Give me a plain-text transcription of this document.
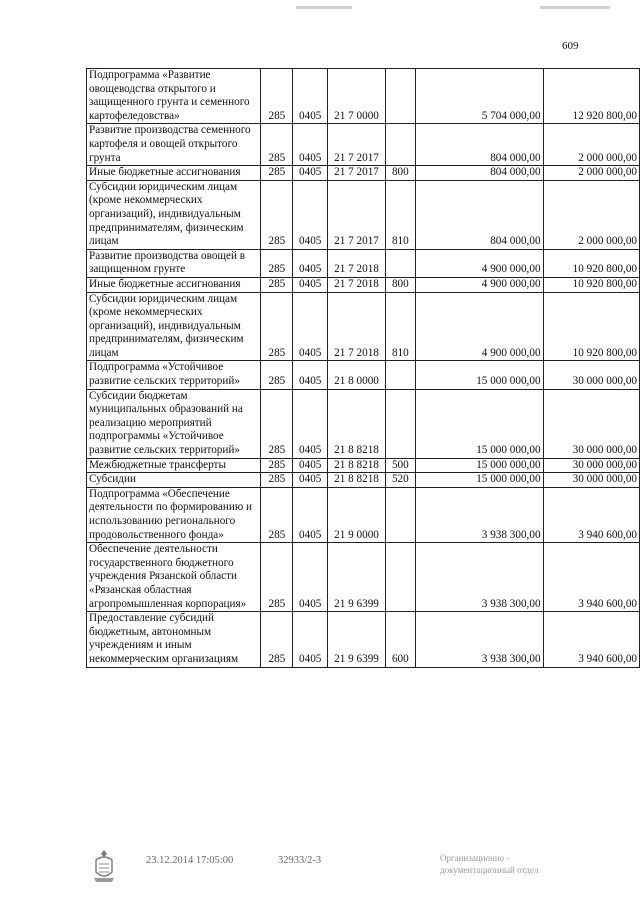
609
Подпрограмма «Развитие овощеводства открытого и защищенного грунта и семенного картофеледовства»	285	0405	21 7 0000		5 704 000,00	12 920 800,00
Развитие производства семенного картофеля и овощей открытого грунта	285	0405	21 7 2017		804 000,00	2 000 000,00
Иные бюджетные ассигнования	285	0405	21 7 2017	800	804 000,00	2 000 000,00
Субсидии юридическим лицам (кроме некоммерческих организаций), индивидуальным предпринимателям, физическим лицам	285	0405	21 7 2017	810	804 000,00	2 000 000,00
Развитие производства овощей в защищенном грунте	285	0405	21 7 2018		4 900 000,00	10 920 800,00
Иные бюджетные ассигнования	285	0405	21 7 2018	800	4 900 000,00	10 920 800,00
Субсидии юридическим лицам (кроме некоммерческих организаций), индивидуальным предпринимателям, физическим лицам	285	0405	21 7 2018	810	4 900 000,00	10 920 800,00
Подпрограмма «Устойчивое развитие сельских территорий»	285	0405	21 8 0000		15 000 000,00	30 000 000,00
Субсидии бюджетам муниципальных образований на реализацию мероприятий подпрограммы «Устойчивое развитие сельских территорий»	285	0405	21 8 8218		15 000 000,00	30 000 000,00
Межбюджетные трансферты	285	0405	21 8 8218	500	15 000 000,00	30 000 000,00
Субсидии	285	0405	21 8 8218	520	15 000 000,00	30 000 000,00
Подпрограмма «Обеспечение деятельности по формированию и использованию регионального продовольственного фонда»	285	0405	21 9 0000		3 938 300,00	3 940 600,00
Обеспечение деятельности государственного бюджетного учреждения Рязанской области «Рязанская областная агропромышленная корпорация»	285	0405	21 9 6399		3 938 300,00	3 940 600,00
Предоставление субсидий бюджетным, автономным учреждениям и иным некоммерческим организациям	285	0405	21 9 6399	600	3 938 300,00	3 940 600,00
23.12.2014 17:05:00	32933/2-3	Организационно -
документационный отдел
